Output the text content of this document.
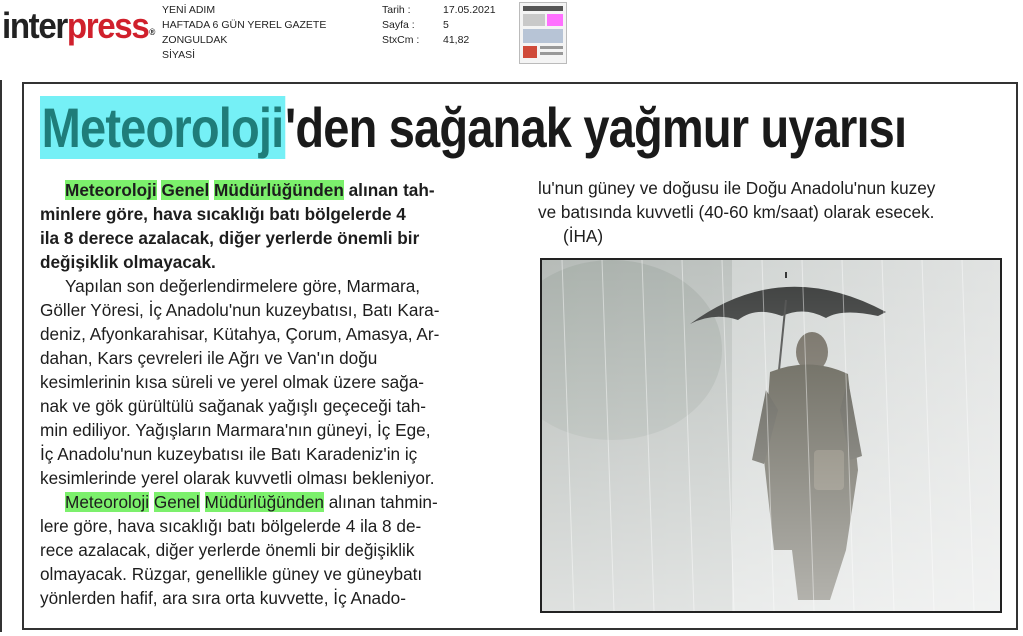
interpress®
YENİ ADIM
HAFTADA 6 GÜN YEREL GAZETE
ZONGULDAK
SİYASİ
Tarih :
Sayfa :
StxCm :
17.05.2021
5
41,82
Meteoroloji'den sağanak yağmur uyarısı

Meteoroloji Genel Müdürlüğünden alınan tah-

minlere göre, hava sıcaklığı batı bölgelerde 4

ila 8 derece azalacak, diğer yerlerde önemli bir

değişiklik olmayacak.

Yapılan son değerlendirmelere göre, Marmara,

Göller Yöresi, İç Anadolu'nun kuzeybatısı, Batı Kara-

deniz, Afyonkarahisar, Kütahya, Çorum, Amasya, Ar-

dahan, Kars çevreleri ile Ağrı ve Van'ın doğu

kesimlerinin kısa süreli ve yerel olmak üzere sağa-

nak ve gök gürültülü sağanak yağışlı geçeceği tah-

min ediliyor. Yağışların Marmara'nın güneyi, İç Ege,

İç Anadolu'nun kuzeybatısı ile Batı Karadeniz'in iç

kesimlerinde yerel olarak kuvvetli olması bekleniyor.

Meteoroloji Genel Müdürlüğünden alınan tahmin-

lere göre, hava sıcaklığı batı bölgelerde 4 ila 8 de-

rece azalacak, diğer yerlerde önemli bir değişiklik

olmayacak. Rüzgar, genellikle güney ve güneybatı

yönlerden hafif, ara sıra orta kuvvette, İç Anado-

lu'nun güney ve doğusu ile Doğu Anadolu'nun kuzey

ve batısında kuvvetli (40-60 km/saat) olarak esecek.

(İHA)
